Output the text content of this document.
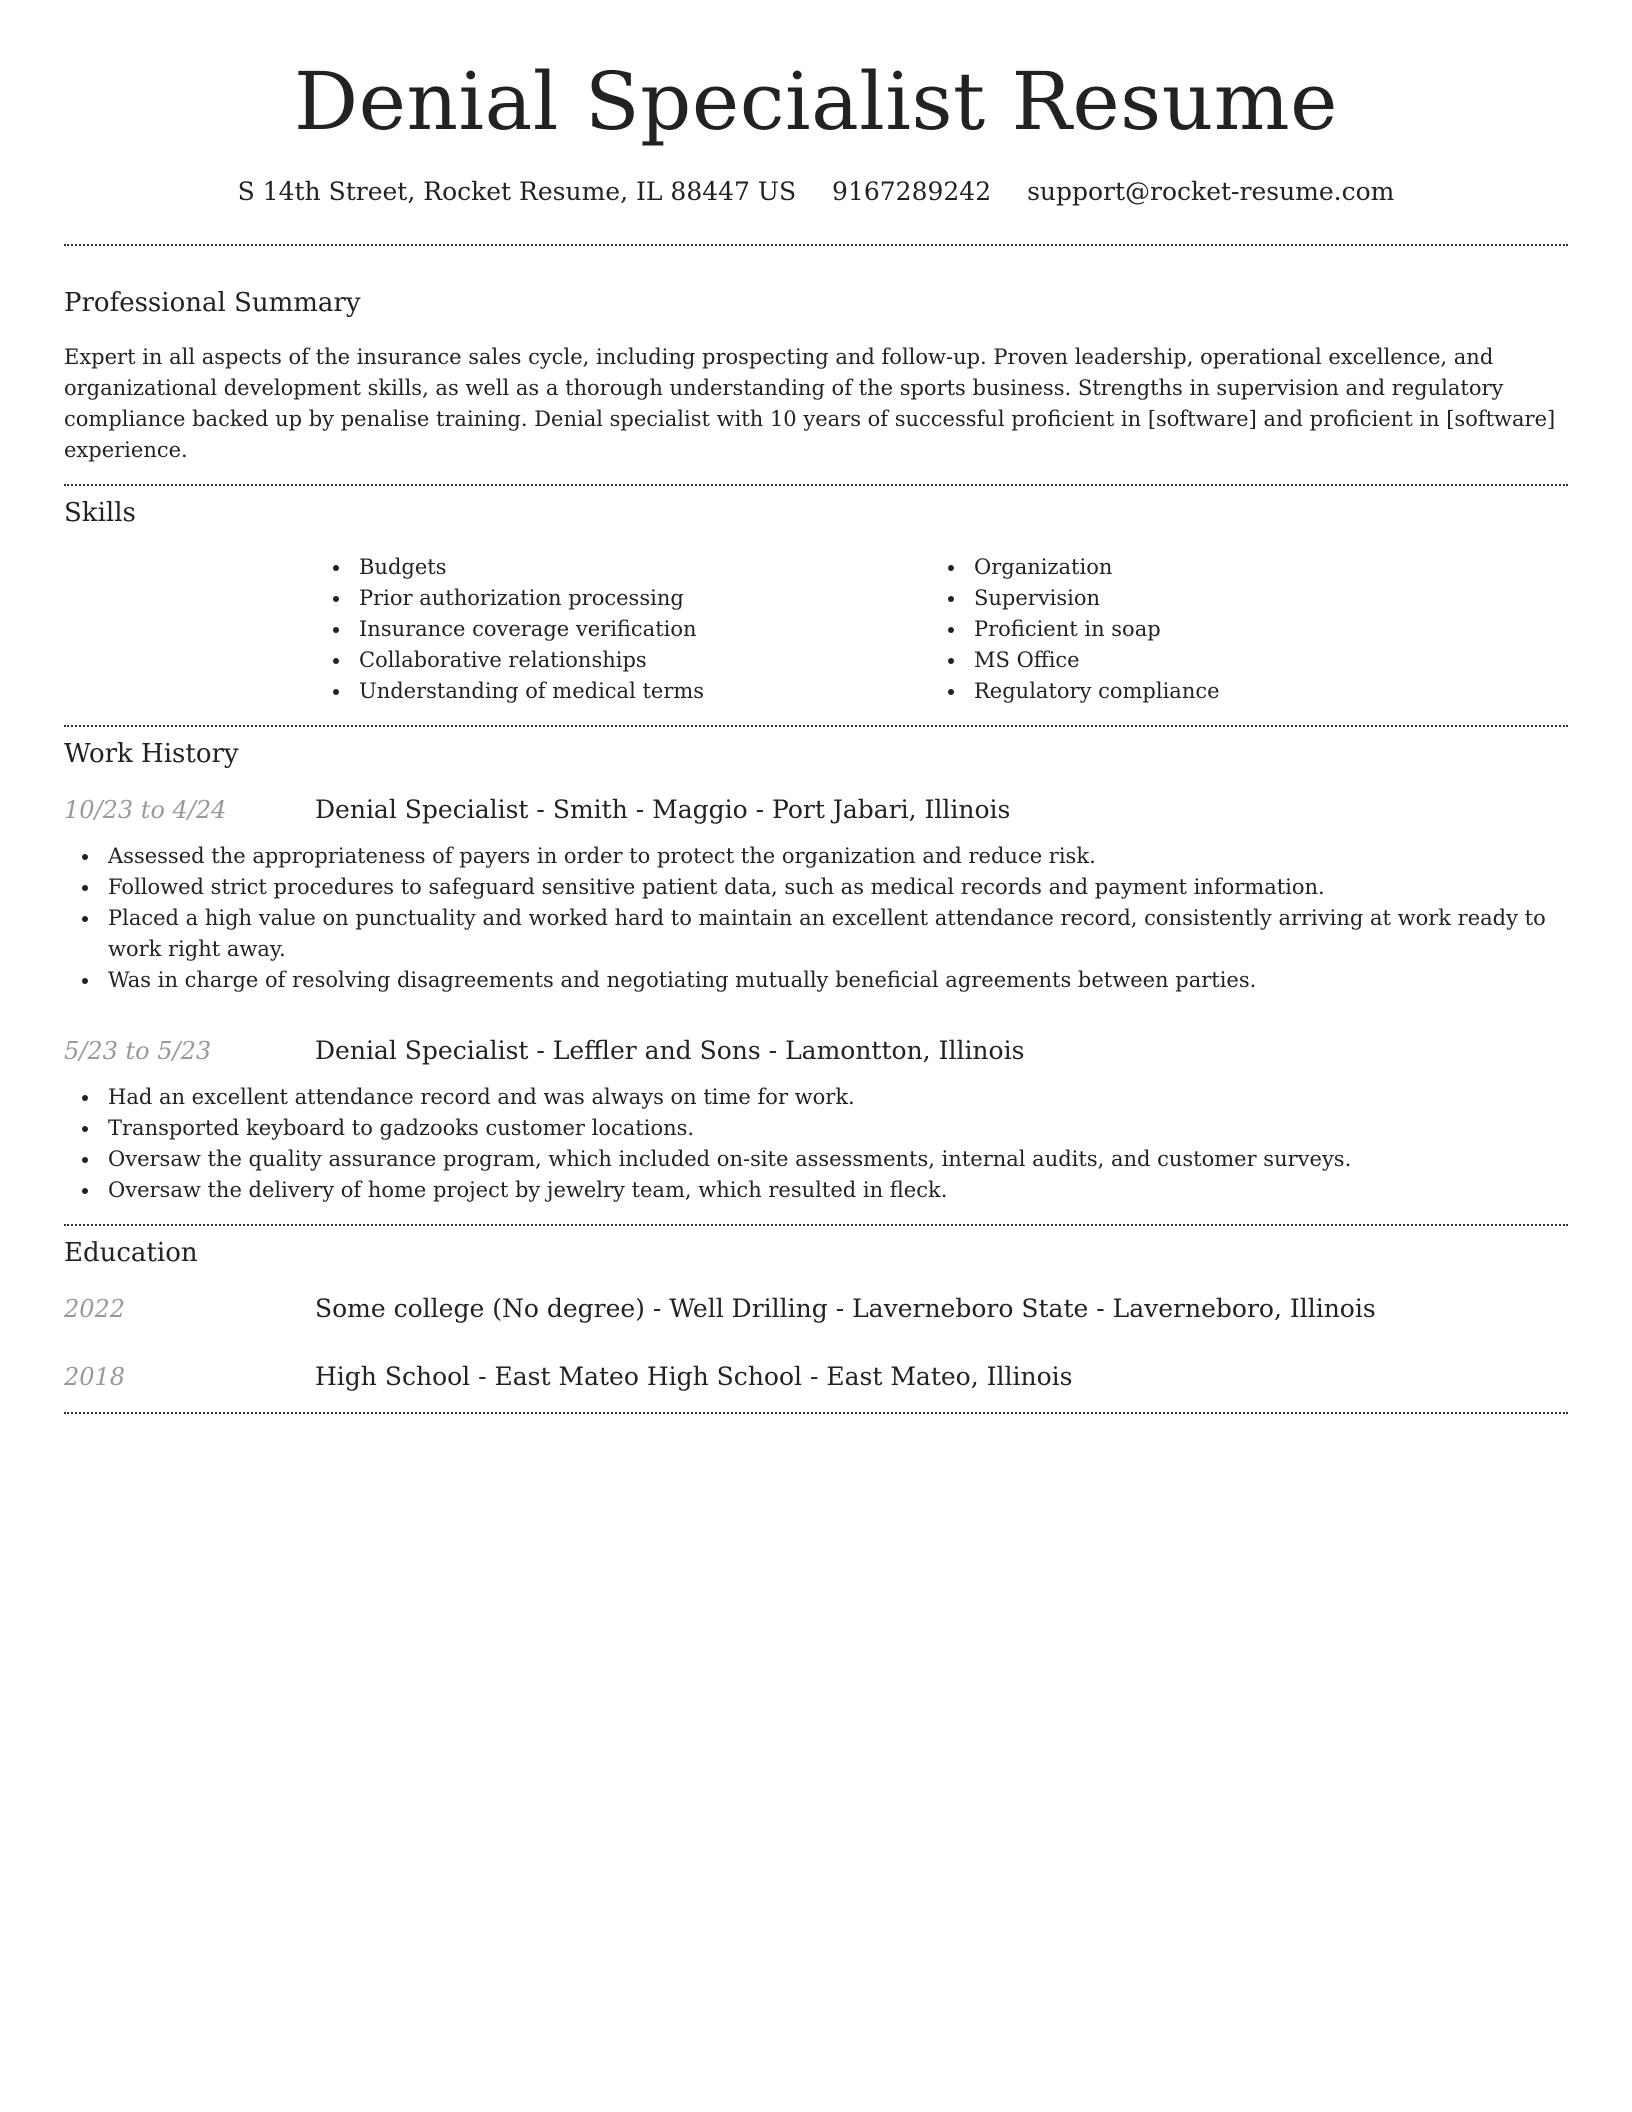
Denial Specialist Resume
S 14th Street, Rocket Resume, IL 88447 US 9167289242 support@rocket-resume.com
Professional Summary

Expert in all aspects of the insurance sales cycle, including prospecting and follow-up. Proven leadership, operational excellence, and organizational development skills, as well as a thorough understanding of the sports business. Strengths in supervision and regulatory compliance backed up by penalise training. Denial specialist with 10 years of successful proficient in [software] and proficient in [software] experience.

Skills
Budgets
Prior authorization processing
Insurance coverage verification
Collaborative relationships
Understanding of medical terms
Organization
Supervision
Proficient in soap
MS Office
Regulatory compliance
Work History
10/23 to 4/24	Denial Specialist - Smith - Maggio - Port Jabari, Illinois
Assessed the appropriateness of payers in order to protect the organization and reduce risk.
Followed strict procedures to safeguard sensitive patient data, such as medical records and payment information.
Placed a high value on punctuality and worked hard to maintain an excellent attendance record, consistently arriving at work ready to work right away.
Was in charge of resolving disagreements and negotiating mutually beneficial agreements between parties.
5/23 to 5/23	Denial Specialist - Leffler and Sons - Lamontton, Illinois
Had an excellent attendance record and was always on time for work.
Transported keyboard to gadzooks customer locations.
Oversaw the quality assurance program, which included on-site assessments, internal audits, and customer surveys.
Oversaw the delivery of home project by jewelry team, which resulted in fleck.
Education
2022	Some college (No degree) - Well Drilling - Laverneboro State - Laverneboro, Illinois
2018	High School - East Mateo High School - East Mateo, Illinois
